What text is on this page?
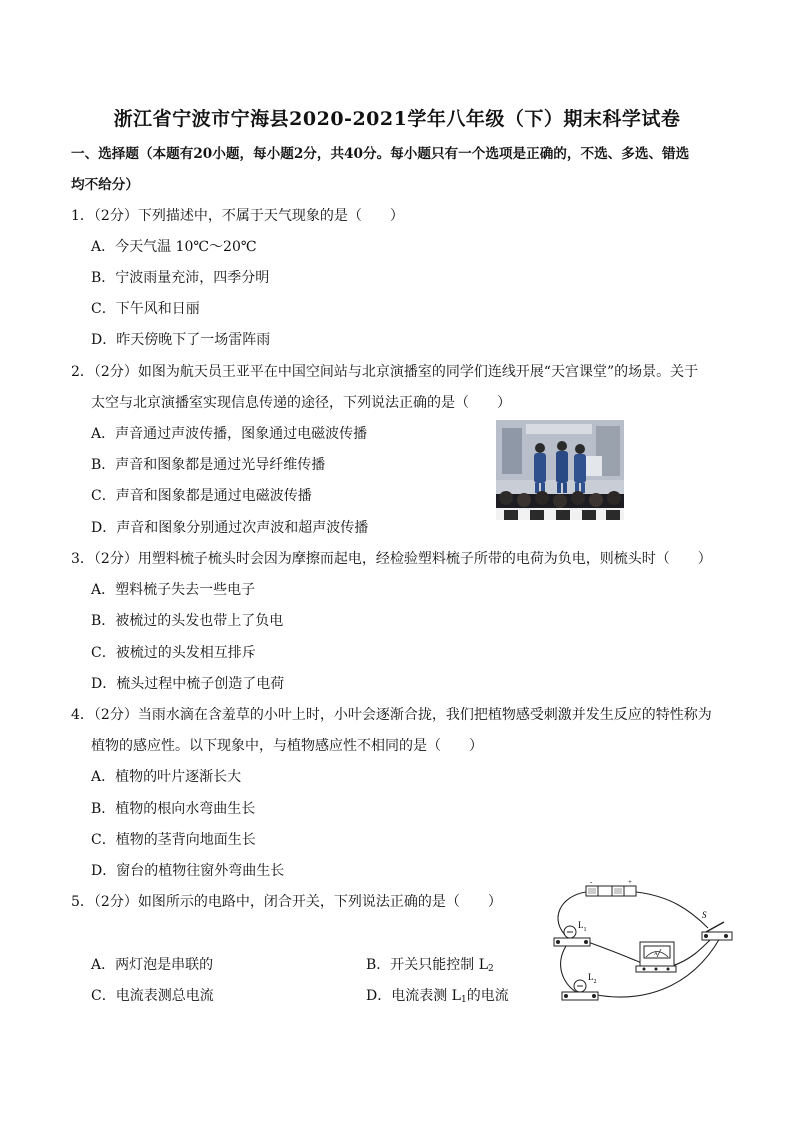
浙江省宁波市宁海县2020-2021学年八年级（下）期末科学试卷
一、选择题（本题有20小题，每小题2分，共40分。每小题只有一个选项是正确的，不选、多选、错选
均不给分）
1．（2分）下列描述中，不属于天气现象的是（　　）
A．今天气温 10℃～20℃
B．宁波雨量充沛，四季分明
C．下午风和日丽
D．昨天傍晚下了一场雷阵雨
2．（2分）如图为航天员王亚平在中国空间站与北京演播室的同学们连线开展“天宫课堂”的场景。关于
太空与北京演播室实现信息传递的途径，下列说法正确的是（　　）
A．声音通过声波传播，图象通过电磁波传播
B．声音和图象都是通过光导纤维传播
C．声音和图象都是通过电磁波传播
D．声音和图象分别通过次声波和超声波传播
3．（2分）用塑料梳子梳头时会因为摩擦而起电，经检验塑料梳子所带的电荷为负电，则梳头时（　　）
A．塑料梳子失去一些电子
B．被梳过的头发也带上了负电
C．被梳过的头发相互排斥
D．梳头过程中梳子创造了电荷
4．（2分）当雨水滴在含羞草的小叶上时，小叶会逐渐合拢，我们把植物感受刺激并发生反应的特性称为
植物的感应性。以下现象中，与植物感应性不相同的是（　　）
A．植物的叶片逐渐长大
B．植物的根向水弯曲生长
C．植物的茎背向地面生长
D．窗台的植物往窗外弯曲生长
5．（2分）如图所示的电路中，闭合开关，下列说法正确的是（　　）
A．两灯泡是串联的	B．开关只能控制 $L_2$
C．电流表测总电流	D．电流表测 $L_1$的电流
-	+
S
$L_1$
A
$L_2$
